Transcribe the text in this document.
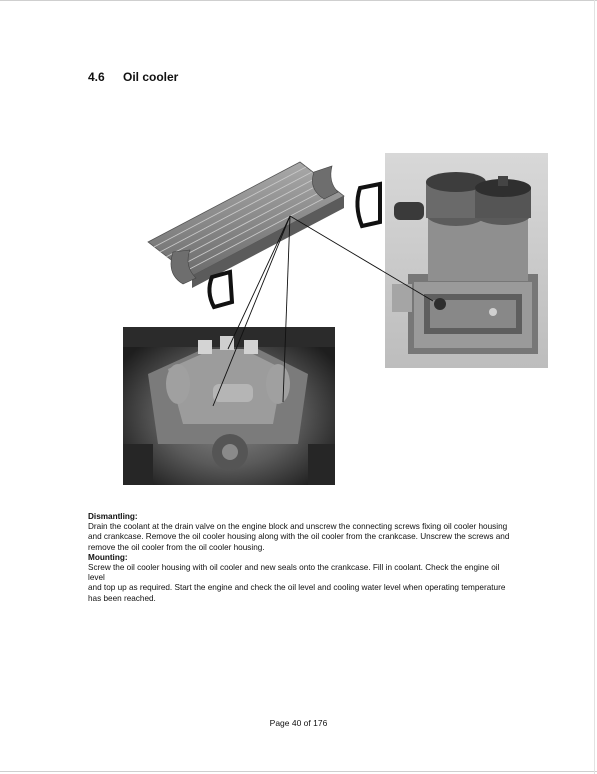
4.6 Oil cooler

Dismantling:

Drain the coolant at the drain valve on the engine block and unscrew the connecting screws fixing oil cooler housing

and crankcase. Remove the oil cooler housing along with the oil cooler from the crankcase. Unscrew the screws and

remove the oil cooler from the oil cooler housing.

Mounting:

Screw the oil cooler housing with oil cooler and new seals onto the crankcase. Fill in coolant. Check the engine oil level

and top up as required. Start the engine and check the oil level and cooling water level when operating temperature

has been reached.

Page 40 of 176
